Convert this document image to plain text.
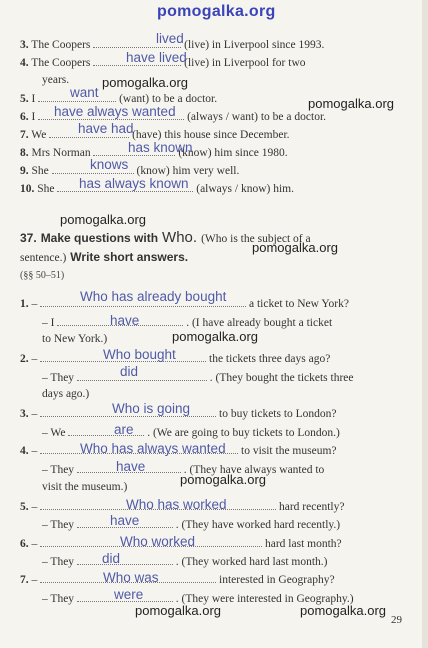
pomogalka.org
3. The Coopers	(live) in Liverpool since 1993.
lived
4. The Coopers	(live) in Liverpool for two
have lived
years.	pomogalka.org
5. I	(want) to be a doctor.
want
pomogalka.org
6. I	(always / want) to be a doctor.
have always wanted
7. We	(have) this house since December.
have had
8. Mrs Norman	(know) him since 1980.
has known
9. She	(know) him very well.
knows
10. She	(always / know) him.
has always known
pomogalka.org
37. Make questions with Who. (Who is the subject of a
pomogalka.org
sentence.) Write short answers.
(§§ 50–51)
1. –	a ticket to New York?
Who has already bought
– I	. (I have already bought a ticket
have
to New York.)	pomogalka.org
2. –	the tickets three days ago?
Who bought
– They	. (They bought the tickets three
did
days ago.)
3. –	to buy tickets to London?
Who is going
– We	. (We are going to buy tickets to London.)
are
4. –	to visit the museum?
Who has always wanted
– They	. (They have always wanted to
have
visit the museum.)	pomogalka.org
5. –	hard recently?
Who has worked
– They	. (They have worked hard recently.)
have
6. –	hard last month?
Who worked
– They	. (They worked hard last month.)
did
7. –	interested in Geography?
Who was
– They	. (They were interested in Geography.)
were
pomogalka.org	pomogalka.org
29
